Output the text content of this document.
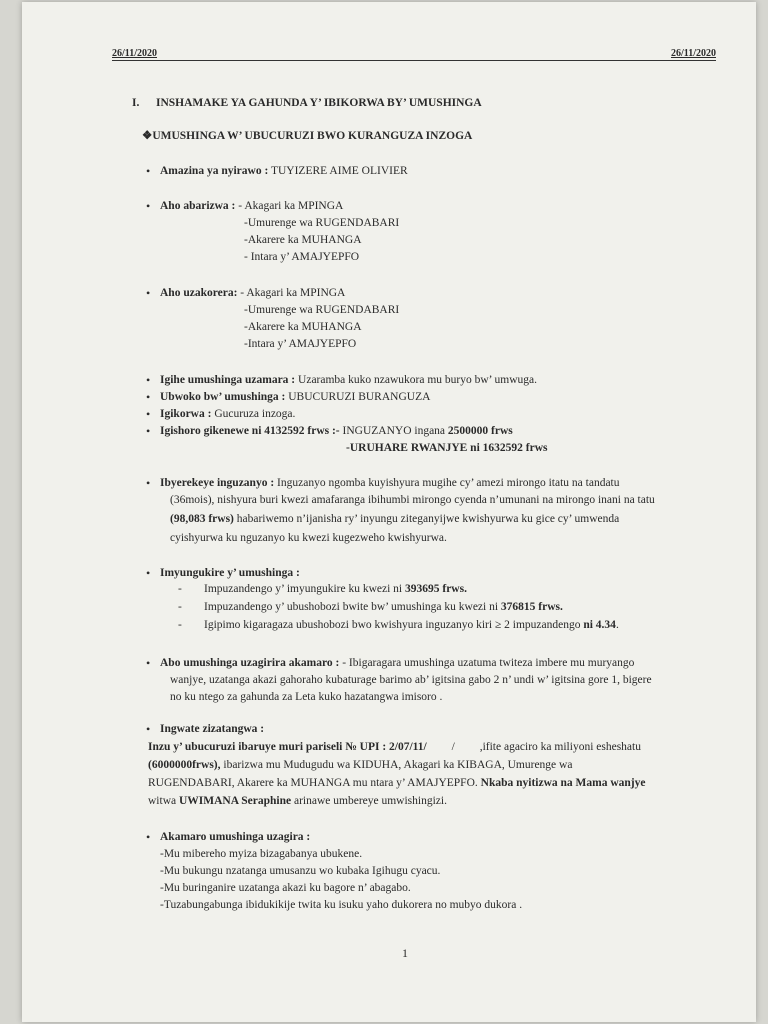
26/11/2020	26/11/2020
I. INSHAMAKE YA GAHUNDA Y’ IBIKORWA BY’ UMUSHINGA
❖UMUSHINGA W’ UBUCURUZI BWO KURANGUZA INZOGA
• Amazina ya nyirawo : TUYIZERE AIME OLIVIER
• Aho abarizwa : - Akagari ka MPINGA
-Umurenge wa RUGENDABARI
-Akarere ka MUHANGA
- Intara y’ AMAJYEPFO
• Aho uzakorera: - Akagari ka MPINGA
-Umurenge wa RUGENDABARI
-Akarere ka MUHANGA
-Intara y’ AMAJYEPFO
• Igihe umushinga uzamara : Uzaramba kuko nzawukora mu buryo bw’ umwuga.
• Ubwoko bw’ umushinga : UBUCURUZI BURANGUZA
• Igikorwa : Gucuruza inzoga.
• Igishoro gikenewe ni 4132592 frws :- INGUZANYO ingana 2500000 frws
-URUHARE RWANJYE ni 1632592 frws
• Ibyerekeye inguzanyo : Inguzanyo ngomba kuyishyura mugihe cy’ amezi mirongo itatu na tandatu
(36mois), nishyura buri kwezi amafaranga ibihumbi mirongo cyenda n’umunani na mirongo inani na tatu
(98,083 frws) habariwemo n’ijanisha ry’ inyungu ziteganyijwe kwishyurwa ku gice cy’ umwenda
cyishyurwa ku nguzanyo ku kwezi kugezweho kwishyurwa.
• Imyungukire y’ umushinga :
- Impuzandengo y’ imyungukire ku kwezi ni 393695 frws.
- Impuzandengo y’ ubushobozi bwite bw’ umushinga ku kwezi ni 376815 frws.
- Igipimo kigaragaza ubushobozi bwo kwishyura inguzanyo kiri ≥ 2 impuzandengo ni 4.34.
• Abo umushinga uzagirira akamaro : - Ibigaragara umushinga uzatuma twiteza imbere mu muryango
wanjye, uzatanga akazi gahoraho kubaturage barimo ab’ igitsina gabo 2 n’ undi w’ igitsina gore 1, bigere
no ku ntego za gahunda za Leta kuko hazatangwa imisoro .
• Ingwate zizatangwa :
Inzu y’ ubucuruzi ibaruye muri pariseli № UPI : 2/07/11/ / ,ifite agaciro ka miliyoni esheshatu
(6000000frws), ibarizwa mu Mudugudu wa KIDUHA, Akagari ka KIBAGA, Umurenge wa
RUGENDABARI, Akarere ka MUHANGA mu ntara y’ AMAJYEPFO. Nkaba nyitizwa na Mama wanjye
witwa UWIMANA Seraphine arinawe umbereye umwishingizi.
• Akamaro umushinga uzagira :
-Mu mibereho myiza bizagabanya ubukene.
-Mu bukungu nzatanga umusanzu wo kubaka Igihugu cyacu.
-Mu buringanire uzatanga akazi ku bagore n’ abagabo.
-Tuzabungabunga ibidukikije twita ku isuku yaho dukorera no mubyo dukora .
1
